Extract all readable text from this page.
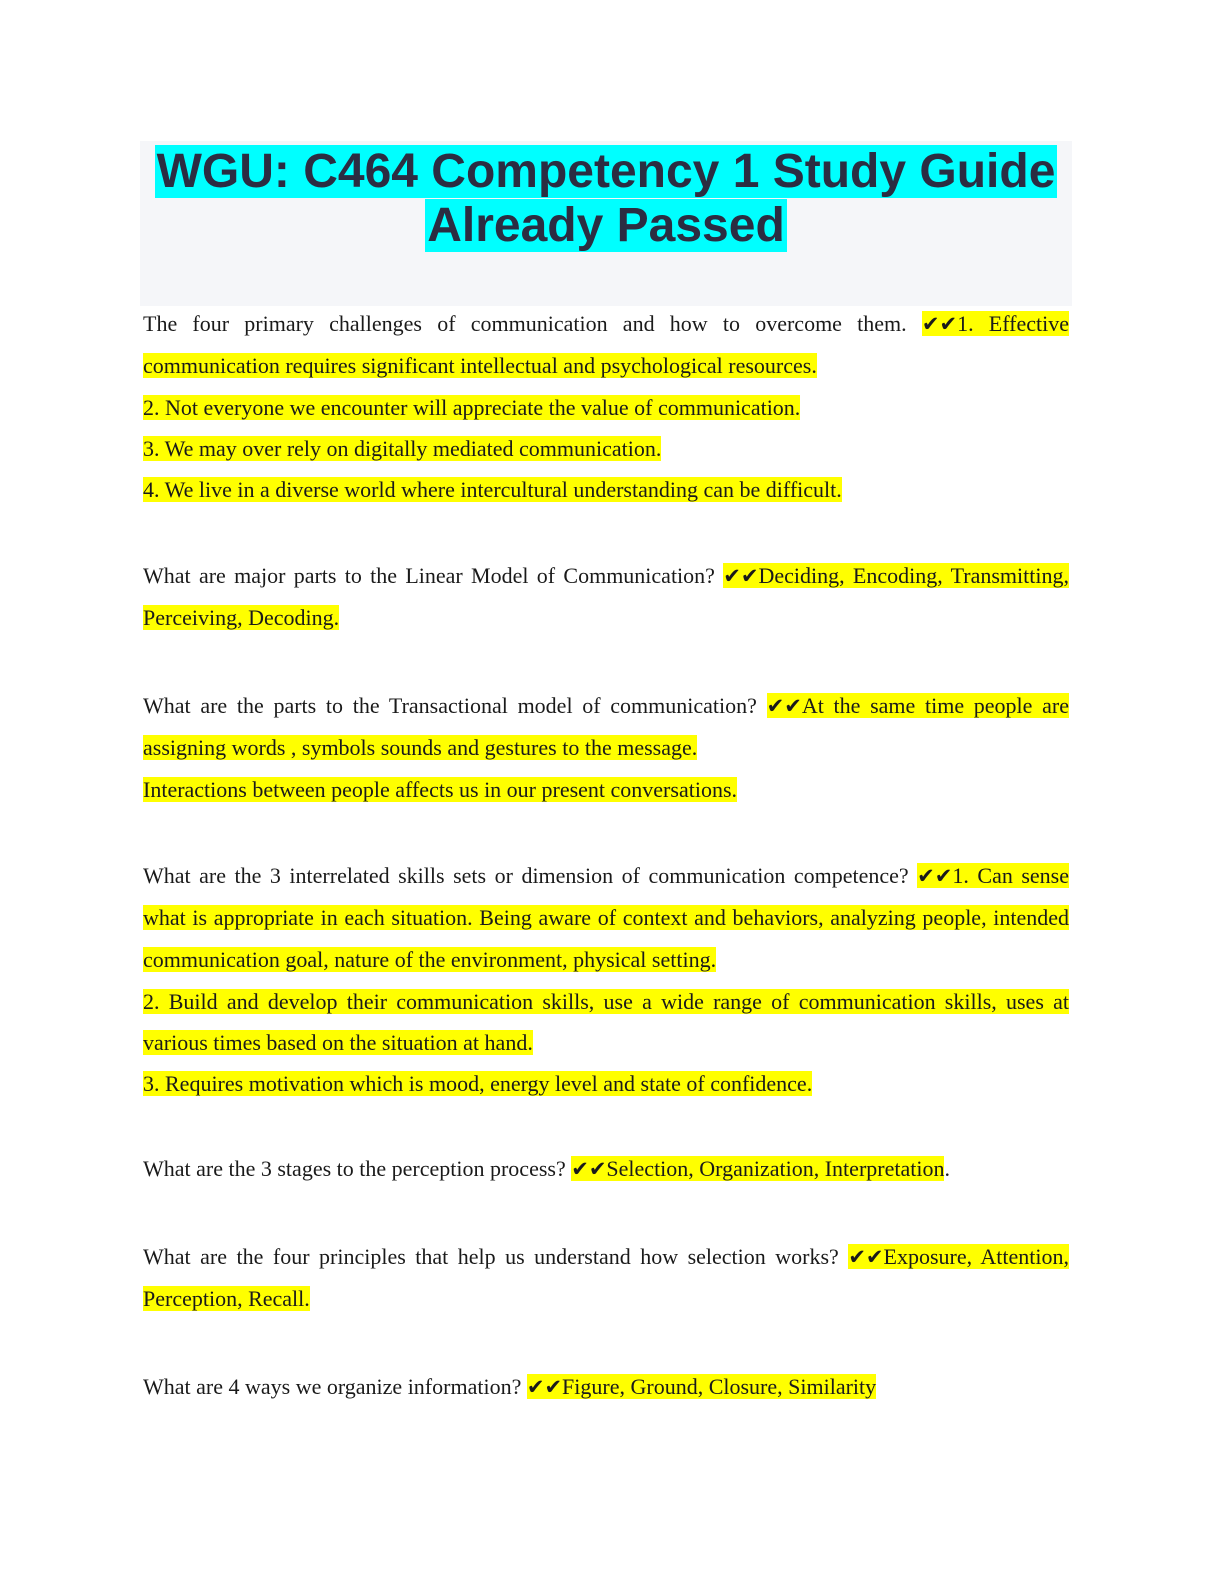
WGU: C464 Competency 1 Study Guide
Already Passed
The four primary challenges of communication and how to overcome them. ✔✔1. Effective communication requires significant intellectual and psychological resources.
2. Not everyone we encounter will appreciate the value of communication.
3. We may over rely on digitally mediated communication.
4. We live in a diverse world where intercultural understanding can be difficult.
What are major parts to the Linear Model of Communication? ✔✔Deciding, Encoding, Transmitting, Perceiving, Decoding.
What are the parts to the Transactional model of communication? ✔✔At the same time people are assigning words , symbols sounds and gestures to the message.
Interactions between people affects us in our present conversations.
What are the 3 interrelated skills sets or dimension of communication competence? ✔✔1. Can sense what is appropriate in each situation. Being aware of context and behaviors, analyzing people, intended communication goal, nature of the environment, physical setting.
2. Build and develop their communication skills, use a wide range of communication skills, uses at various times based on the situation at hand.
3. Requires motivation which is mood, energy level and state of confidence.
What are the 3 stages to the perception process? ✔✔Selection, Organization, Interpretation.
What are the four principles that help us understand how selection works? ✔✔Exposure, Attention, Perception, Recall.
What are 4 ways we organize information? ✔✔Figure, Ground, Closure, Similarity
